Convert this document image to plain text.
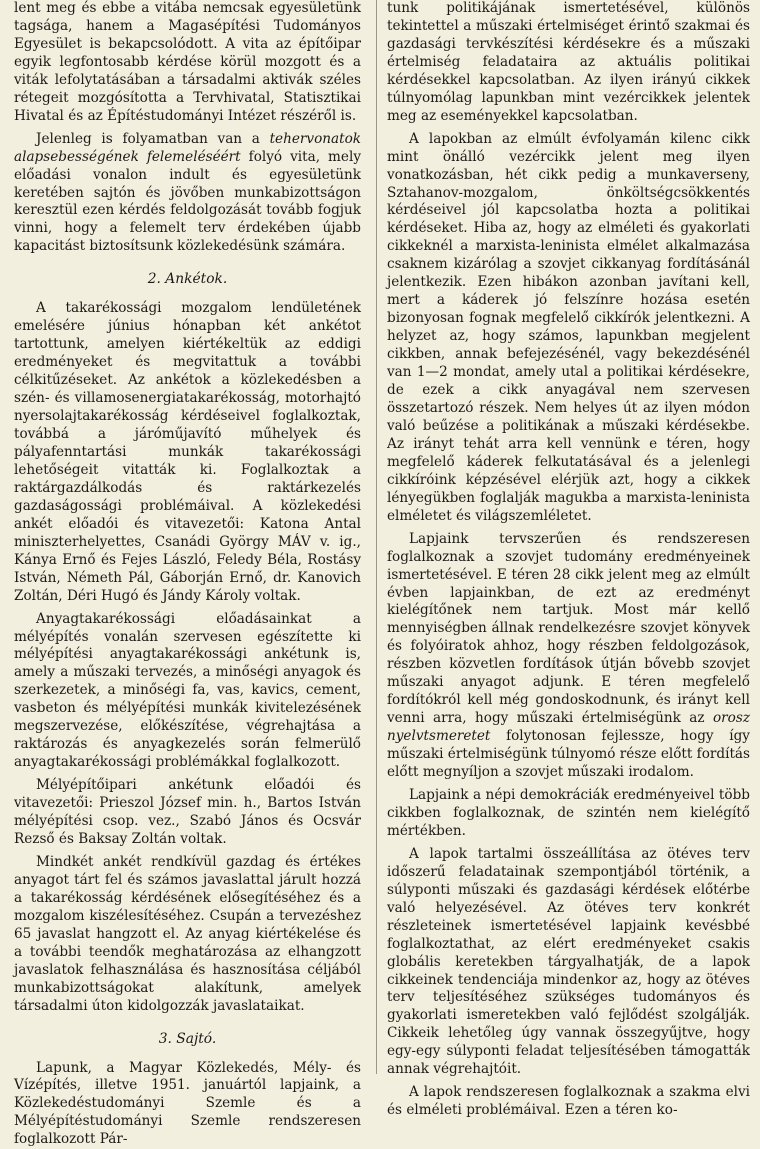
lent meg és ebbe a vitába nemcsak egyesületünk tagsága, hanem a Magasépítési Tudományos Egyesület is bekapcsolódott. A vita az építőipar egyik legfontosabb kérdése körül mozgott és a viták lefolytatásában a társadalmi aktivák széles rétegeit mozgósította a Tervhivatal, Statisztikai Hivatal és az Építéstudományi Intézet részéről is.

Jelenleg is folyamatban van a tehervonatok alapsebességének felemeléséért folyó vita, mely előadási vonalon indult és egyesületünk keretében sajtón és jövőben munkabizottságon keresztül ezen kérdés feldolgozását tovább fogjuk vinni, hogy a felemelt terv érdekében újabb kapacitást biztosítsunk közlekedésünk számára.

2. Ankétok.

A takarékossági mozgalom lendületének emelésére június hónapban két ankétot tartottunk, amelyen kiértékeltük az eddigi eredményeket és megvitattuk a további célkitűzéseket. Az ankétok a közlekedésben a szén- és villamosenergiatakarékosság, motorhajtó nyersolajtakarékosság kérdéseivel foglalkoztak, továbbá a járóműjavító műhelyek és pályafenntartási munkák takarékossági lehetőségeit vitatták ki. Foglalkoztak a raktárgazdálkodás és raktárkezelés gazdaságossági problémáival. A közlekedési ankét előadói és vitavezetői: Katona Antal miniszterhelyettes, Csanádi György MÁV v. ig., Kánya Ernő és Fejes László, Feledy Béla, Rostásy István, Németh Pál, Gáborján Ernő, dr. Kanovich Zoltán, Déri Hugó és Jándy Károly voltak.

Anyagtakarékossági előadásainkat a mélyépítés vonalán szervesen egészítette ki mélyépítési anyagtakarékossági ankétunk is, amely a műszaki tervezés, a minőségi anyagok és szerkezetek, a minőségi fa, vas, kavics, cement, vasbeton és mélyépítési munkák kivitelezésének megszervezése, előkészítése, végrehajtása a raktározás és anyagkezelés során felmerülő anyagtakarékossági problémákkal foglalkozott.

Mélyépítőipari ankétunk előadói és vitavezetői: Prieszol József min. h., Bartos István mélyépítési csop. vez., Szabó János és Ocsvár Rezső és Baksay Zoltán voltak.

Mindkét ankét rendkívül gazdag és értékes anyagot tárt fel és számos javaslattal járult hozzá a takarékosság kérdésének elősegítéséhez és a mozgalom kiszélesítéséhez. Csupán a tervezéshez 65 javaslat hangzott el. Az anyag kiértékelése és a további teendők meghatározása az elhangzott javaslatok felhasználása és hasznosítása céljából munkabizottságokat alakítunk, amelyek társadalmi úton kidolgozzák javaslataikat.

3. Sajtó.

Lapunk, a Magyar Közlekedés, Mély- és Vízépítés, illetve 1951. januártól lapjaink, a Közlekedéstudományi Szemle és a Mélyépítéstudományi Szemle rendszeresen foglalkozott Pár-

tunk politikájának ismertetésével, különös tekintettel a műszaki értelmiséget érintő szakmai és gazdasági tervkészítési kérdésekre és a műszaki értelmiség feladataira az aktuális politikai kérdésekkel kapcsolatban. Az ilyen irányú cikkek túlnyomólag lapunkban mint vezércikkek jelentek meg az eseményekkel kapcsolatban.

A lapokban az elmúlt évfolyamán kilenc cikk mint önálló vezércikk jelent meg ilyen vonatkozásban, hét cikk pedig a munkaverseny, Sztahanov-mozgalom, önköltségcsökkentés kérdéseivel jól kapcsolatba hozta a politikai kérdéseket. Hiba az, hogy az elméleti és gyakorlati cikkeknél a marxista-leninista elmélet alkalmazása csaknem kizárólag a szovjet cikkanyag fordításánál jelentkezik. Ezen hibákon azonban javítani kell, mert a káderek jó felszínre hozása esetén bizonyosan fognak megfelelő cikkírók jelentkezni. A helyzet az, hogy számos, lapunkban megjelent cikkben, annak befejezésénél, vagy bekezdésénél van 1—2 mondat, amely utal a politikai kérdésekre, de ezek a cikk anyagával nem szervesen összetartozó részek. Nem helyes út az ilyen módon való beűzése a politikának a műszaki kérdésekbe. Az irányt tehát arra kell vennünk e téren, hogy megfelelő káderek felkutatásával és a jelenlegi cikkíróink képzésével elérjük azt, hogy a cikkek lényegükben foglalják magukba a marxista-leninista elméletet és világszemléletet.

Lapjaink tervszerűen és rendszeresen foglalkoznak a szovjet tudomány eredményeinek ismertetésével. E téren 28 cikk jelent meg az elmúlt évben lapjainkban, de ezt az eredményt kielégítőnek nem tartjuk. Most már kellő mennyiségben állnak rendelkezésre szovjet könyvek és folyóiratok ahhoz, hogy részben feldolgozások, részben közvetlen fordítások útján bővebb szovjet műszaki anyagot adjunk. E téren megfelelő fordítókról kell még gondoskodnunk, és irányt kell venni arra, hogy műszaki értelmiségünk az orosz nyelvtsmeretet folytonosan fejlessze, hogy így műszaki értelmiségünk túlnyomó része előtt fordítás előtt megnyíljon a szovjet műszaki irodalom.

Lapjaink a népi demokráciák eredményeivel több cikkben foglalkoznak, de szintén nem kielégítő mértékben.

A lapok tartalmi összeállítása az ötéves terv időszerű feladatainak szempontjából történik, a súlyponti műszaki és gazdasági kérdések előtérbe való helyezésével. Az ötéves terv konkrét részleteinek ismertetésével lapjaink kevésbbé foglalkoztathat, az elért eredményeket csakis globális keretekben tárgyalhatják, de a lapok cikkeinek tendenciája mindenkor az, hogy az ötéves terv teljesítéséhez szükséges tudományos és gyakorlati ismeretekben való fejlődést szolgálják. Cikkeik lehetőleg úgy vannak összegyűjtve, hogy egy-egy súlyponti feladat teljesítésében támogatták annak végrehajtóit.

A lapok rendszeresen foglalkoznak a szakma elvi és elméleti problémáival. Ezen a téren ko-
